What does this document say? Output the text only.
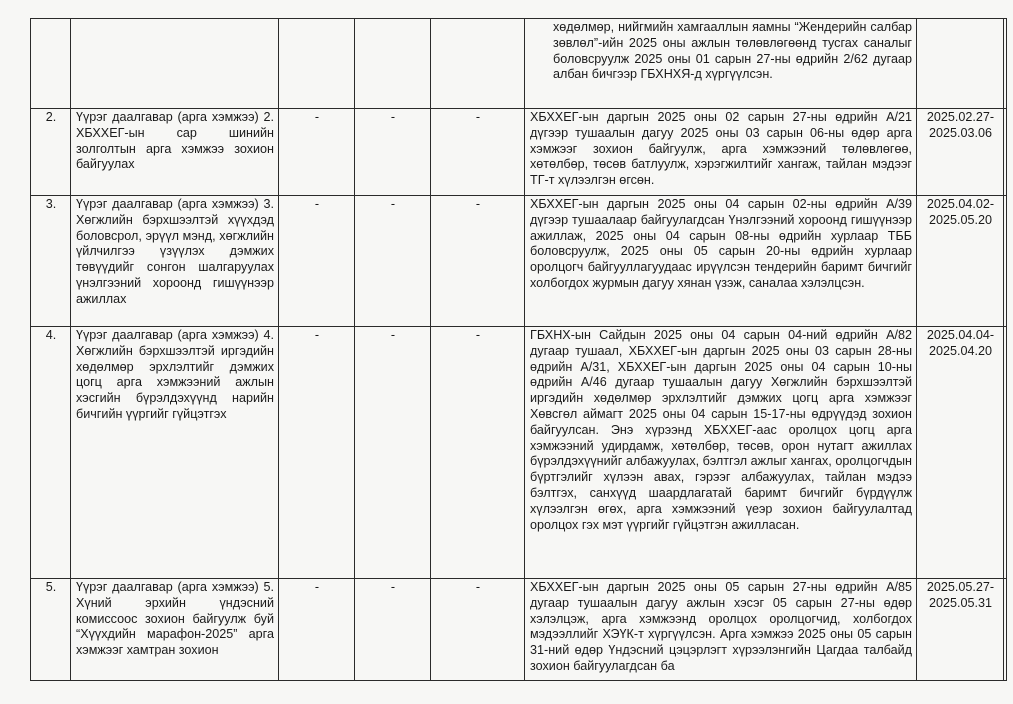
					хөдөлмөр, нийгмийн хамгааллын яамны “Жендерийн салбар зөвлөл”-ийн 2025 оны ажлын төлөвлөгөөнд тусгах саналыг боловсруулж 2025 оны 01 сарын 27-ны өдрийн 2/62 дугаар албан бичгээр ГБХНХЯ-д хүргүүлсэн.		

2.	Үүрэг даалгавар (арга хэмжээ) 2. ХБХХЕГ-ын сар шинийн золголтын арга хэмжээ зохион байгуулах	-	-	-	ХБХХЕГ-ын даргын 2025 оны 02 сарын 27-ны өдрийн А/21 дүгээр тушаалын дагуу 2025 оны 03 сарын 06-ны өдөр арга хэмжээг зохион байгуулж, арга хэмжээний төлөвлөгөө, хөтөлбөр, төсөв батлуулж, хэрэгжилтийг хангаж, тайлан мэдээг ТГ-т хүлээлгэн өгсөн.	2025.02.27-
2025.03.06	

3.	Үүрэг даалгавар (арга хэмжээ) 3. Хөгжлийн бэрхшээлтэй хүүхдэд боловсрол, эрүүл мэнд, хөгжлийн үйлчилгээ үзүүлэх дэмжих төвүүдийг сонгон шалгаруулах үнэлгээний хороонд гишүүнээр ажиллах	-	-	-	ХБХХЕГ-ын даргын 2025 оны 04 сарын 02-ны өдрийн А/39 дүгээр тушаалаар байгуулагдсан Үнэлгээний хороонд гишүүнээр ажиллаж, 2025 оны 04 сарын 08-ны өдрийн хурлаар ТББ боловсруулж, 2025 оны 05 сарын 20-ны өдрийн хурлаар оролцогч байгууллагуудаас ирүүлсэн тендерийн баримт бичгийг холбогдох журмын дагуу хянан үзэж, саналаа хэлэлцсэн.	2025.04.02-
2025.05.20	

4.	Үүрэг даалгавар (арга хэмжээ) 4. Хөгжлийн бэрхшээлтэй иргэдийн хөдөлмөр эрхлэлтийг дэмжих цогц арга хэмжээний ажлын хэсгийн бүрэлдэхүүнд нарийн бичгийн үүргийг гүйцэтгэх	-	-	-	ГБХНХ-ын Сайдын 2025 оны 04 сарын 04-ний өдрийн А/82 дугаар тушаал, ХБХХЕГ-ын даргын 2025 оны 03 сарын 28-ны өдрийн А/31, ХБХХЕГ-ын даргын 2025 оны 04 сарын 10-ны өдрийн А/46 дугаар тушаалын дагуу Хөгжлийн бэрхшээлтэй иргэдийн хөдөлмөр эрхлэлтийг дэмжих цогц арга хэмжээг Хөвсгөл аймагт 2025 оны 04 сарын 15-17-ны өдрүүдэд зохион байгуулсан. Энэ хүрээнд ХБХХЕГ-аас оролцох цогц арга хэмжээний удирдамж, хөтөлбөр, төсөв, орон нутагт ажиллах бүрэлдэхүүнийг албажуулах, бэлтгэл ажлыг хангах, оролцогчдын бүртгэлийг хүлээн авах, гэрээг албажуулах, тайлан мэдээ бэлтгэх, санхүүд шаардлагатай баримт бичгийг бүрдүүлж хүлээлгэн өгөх, арга хэмжээний үеэр зохион байгуулалтад оролцох гэх мэт үүргийг гүйцэтгэн ажилласан.	2025.04.04-
2025.04.20	

5.	Үүрэг даалгавар (арга хэмжээ) 5. Хүний эрхийн үндэсний комиссоос зохион байгуулж буй “Хүүхдийн марафон-2025” арга хэмжээг хамтран зохион	-	-	-	ХБХХЕГ-ын даргын 2025 оны 05 сарын 27-ны өдрийн А/85 дугаар тушаалын дагуу ажлын хэсэг 05 сарын 27-ны өдөр хэлэлцэж, арга хэмжээнд оролцох оролцогчид, холбогдох мэдээллийг ХЭҮК-т хүргүүлсэн. Арга хэмжээ 2025 оны 05 сарын 31-ний өдөр Үндэсний цэцэрлэгт хүрээлэнгийн Цагдаа талбайд зохион байгуулагдсан ба	2025.05.27-
2025.05.31	
